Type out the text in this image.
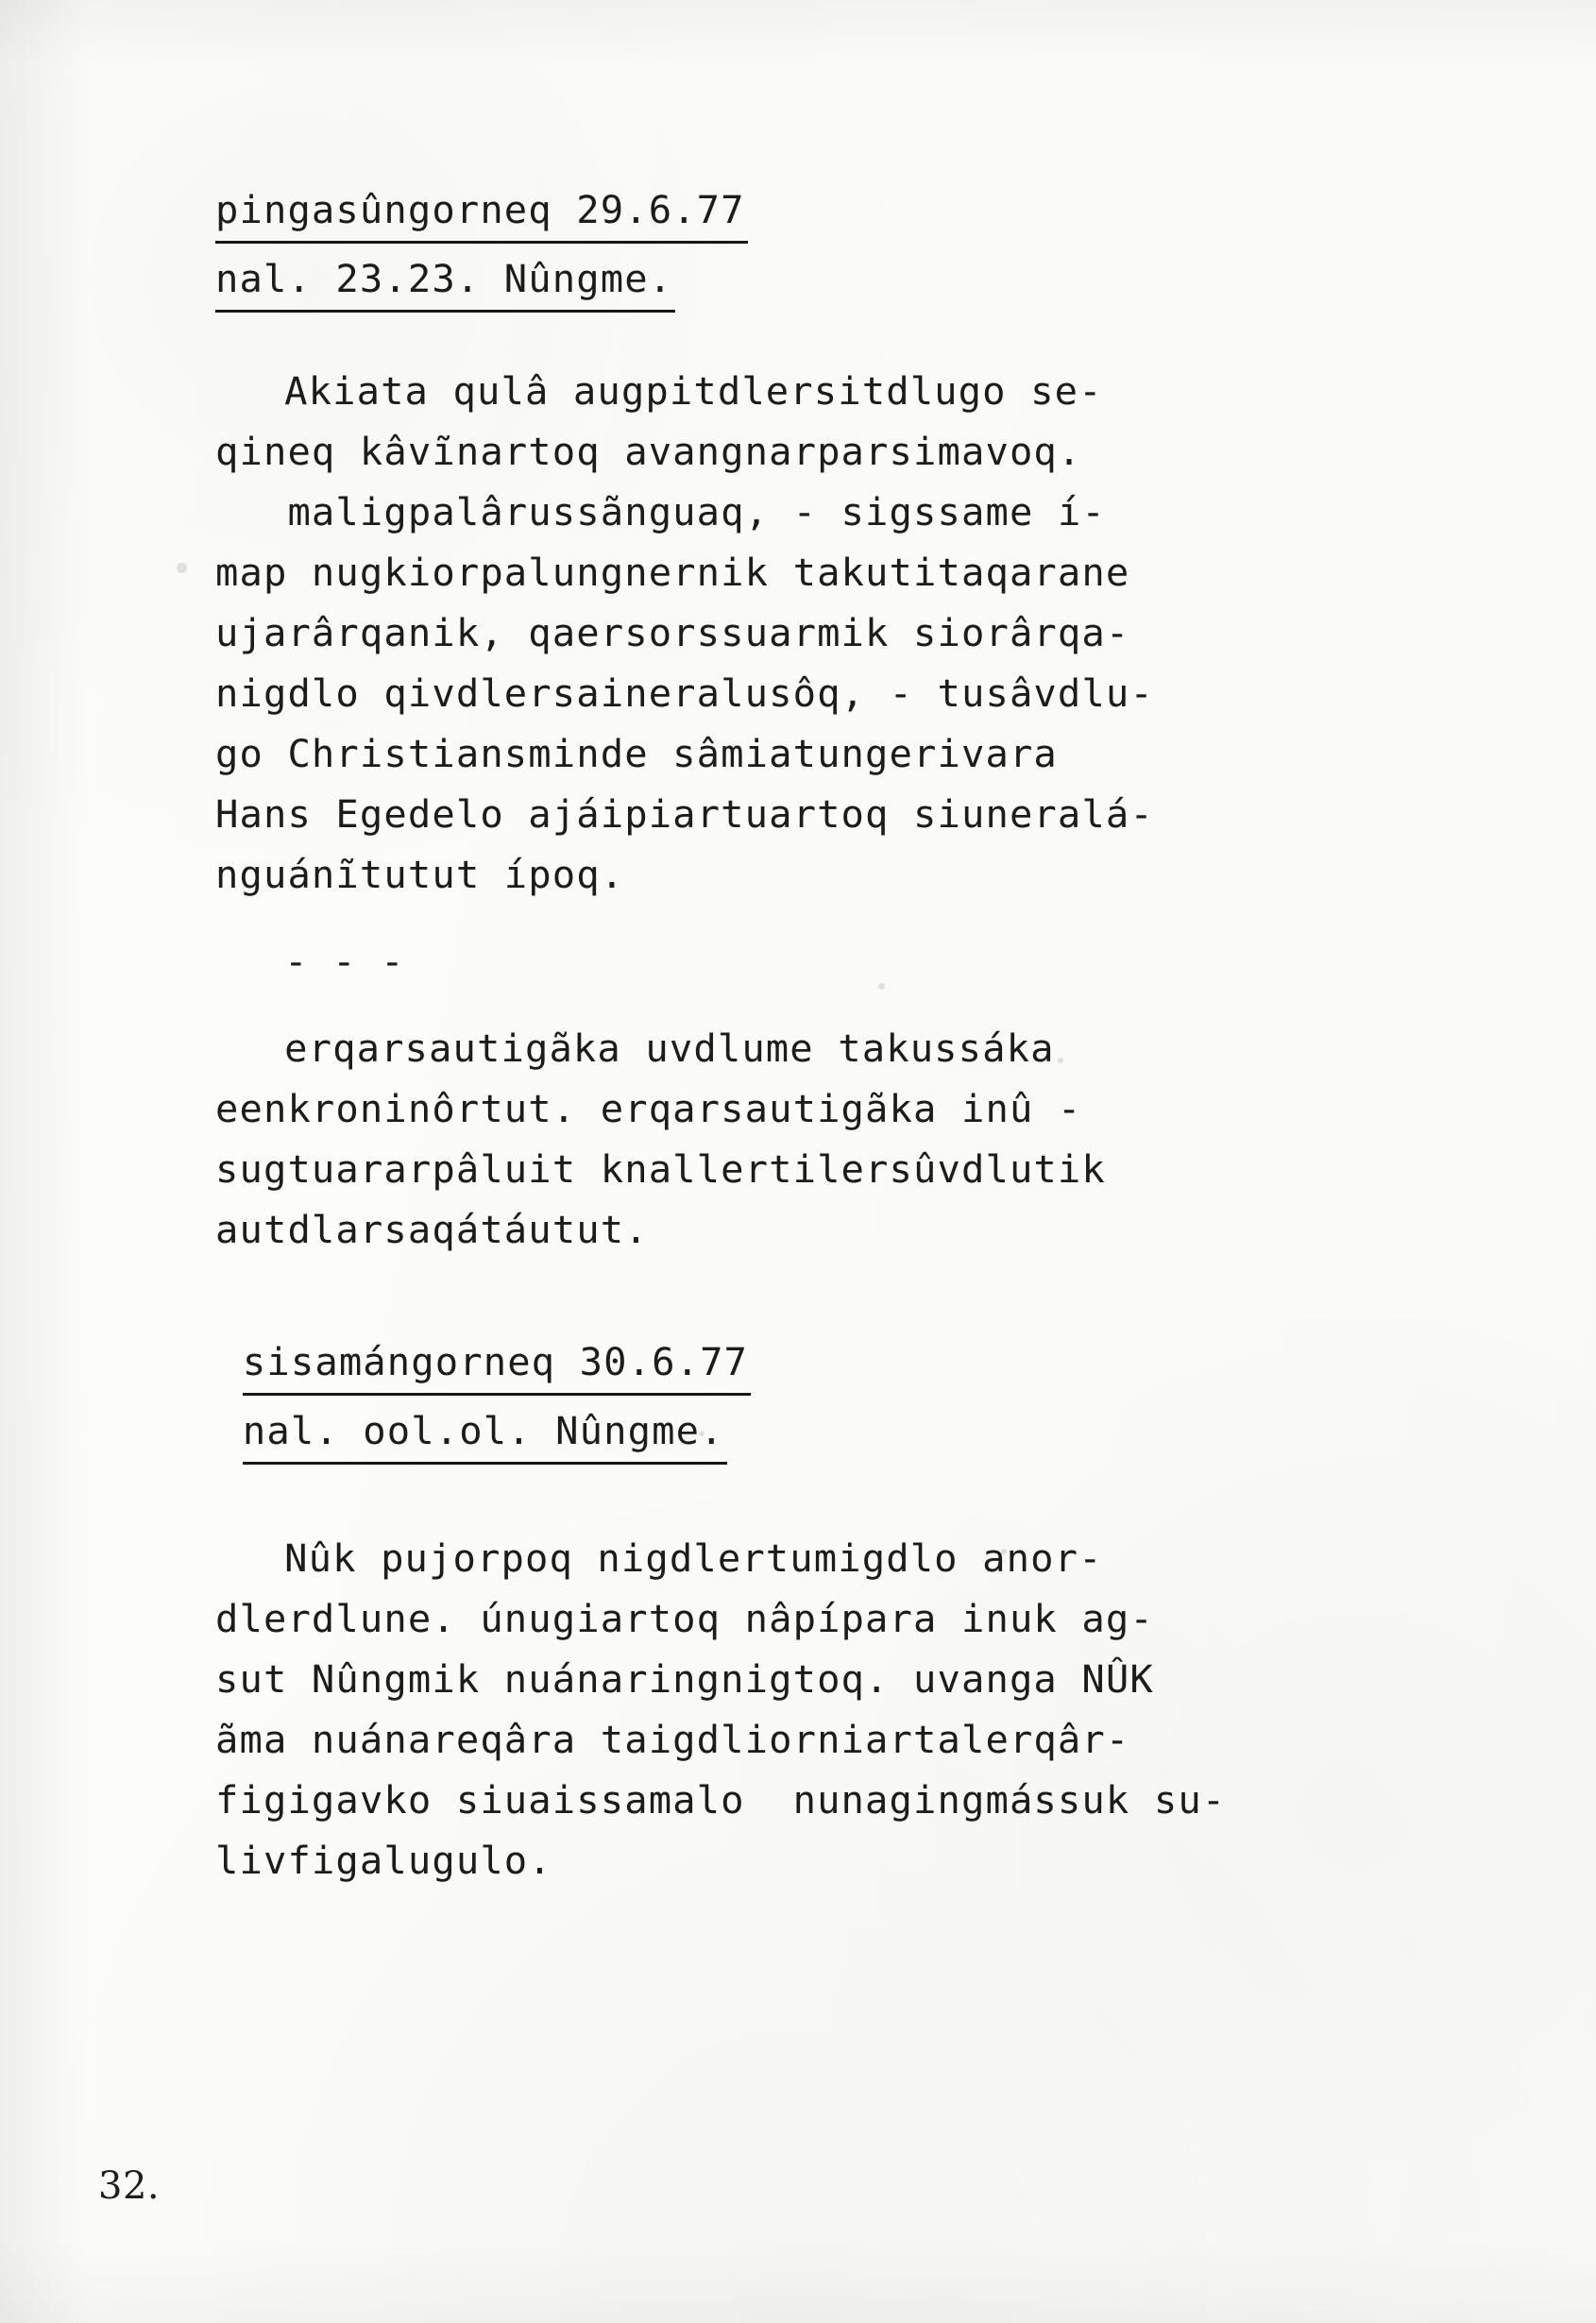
pingasûngorneq 29.6.77
nal. 23.23. Nûngme.
Akiata qulâ augpitdlersitdlugo se-
qineq kâvĩnartoq avangnarparsimavoq.
maligpalârussãnguaq, - sigssame í-
map nugkiorpalungnernik takutitaqarane
ujarârqanik, qaersorssuarmik siorârqa-
nigdlo qivdlersaineralusôq, - tusâvdlu-
go Christiansminde sâmiatungerivara
Hans Egedelo ajáipiartuartoq siuneralá-
nguánĩtutut ípoq.
- - -
erqarsautigãka uvdlume takussáka
eenkroninôrtut. erqarsautigãka inû -
sugtuararpâluit knallertilersûvdlutik
autdlarsaqátáutut.
sisamángorneq 30.6.77
nal. ool.ol. Nûngme.
Nûk pujorpoq nigdlertumigdlo anor-
dlerdlune. únugiartoq nâpípara inuk ag-
sut Nûngmik nuánaringnigtoq. uvanga NÛK
ãma nuánareqâra taigdliorniartalerqâr-
figigavko siuaissamalo  nunagingmássuk su-
livfigalugulo.
32.
